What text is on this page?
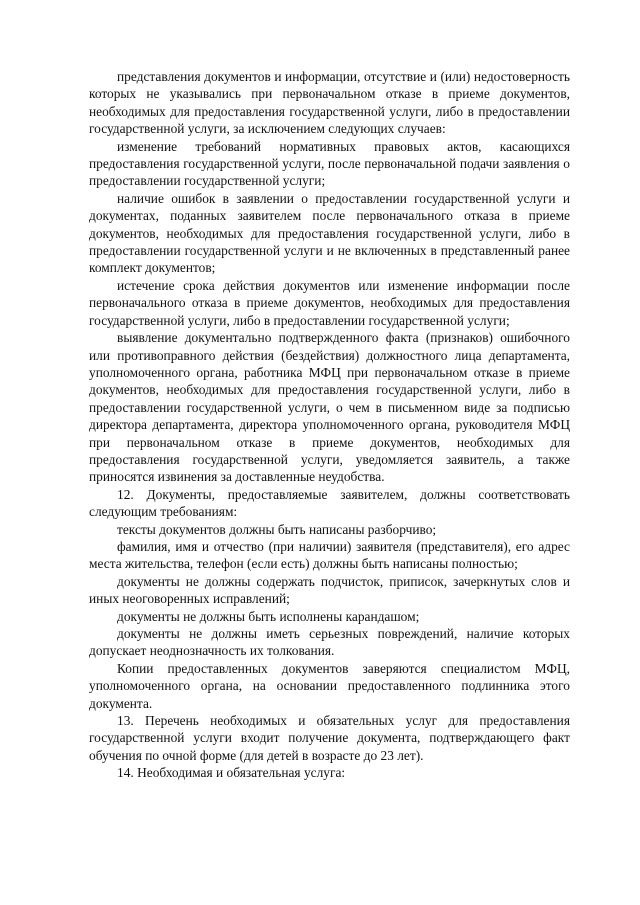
представления документов и информации, отсутствие и (или) недостоверность которых не указывались при первоначальном отказе в приеме документов, необходимых для предоставления государственной услуги, либо в предоставлении государственной услуги, за исключением следующих случаев:

изменение требований нормативных правовых актов, касающихся предоставления государственной услуги, после первоначальной подачи заявления о предоставлении государственной услуги;

наличие ошибок в заявлении о предоставлении государственной услуги и документах, поданных заявителем после первоначального отказа в приеме документов, необходимых для предоставления государственной услуги, либо в предоставлении государственной услуги и не включенных в представленный ранее комплект документов;

истечение срока действия документов или изменение информации после первоначального отказа в приеме документов, необходимых для предоставления государственной услуги, либо в предоставлении государственной услуги;

выявление документально подтвержденного факта (признаков) ошибочного или противоправного действия (бездействия) должностного лица департамента, уполномоченного органа, работника МФЦ при первоначальном отказе в приеме документов, необходимых для предоставления государственной услуги, либо в предоставлении государственной услуги, о чем в письменном виде за подписью директора департамента, директора уполномоченного органа, руководителя МФЦ при первоначальном отказе в приеме документов, необходимых для предоставления государственной услуги, уведомляется заявитель, а также приносятся извинения за доставленные неудобства.

12. Документы, предоставляемые заявителем, должны соответствовать следующим требованиям:

тексты документов должны быть написаны разборчиво;

фамилия, имя и отчество (при наличии) заявителя (представителя), его адрес места жительства, телефон (если есть) должны быть написаны полностью;

документы не должны содержать подчисток, приписок, зачеркнутых слов и иных неоговоренных исправлений;

документы не должны быть исполнены карандашом;

документы не должны иметь серьезных повреждений, наличие которых допускает неоднозначность их толкования.

Копии предоставленных документов заверяются специалистом МФЦ, уполномоченного органа, на основании предоставленного подлинника этого документа.

13. Перечень необходимых и обязательных услуг для предоставления государственной услуги входит получение документа, подтверждающего факт обучения по очной форме (для детей в возрасте до 23 лет).

14. Необходимая и обязательная услуга:
